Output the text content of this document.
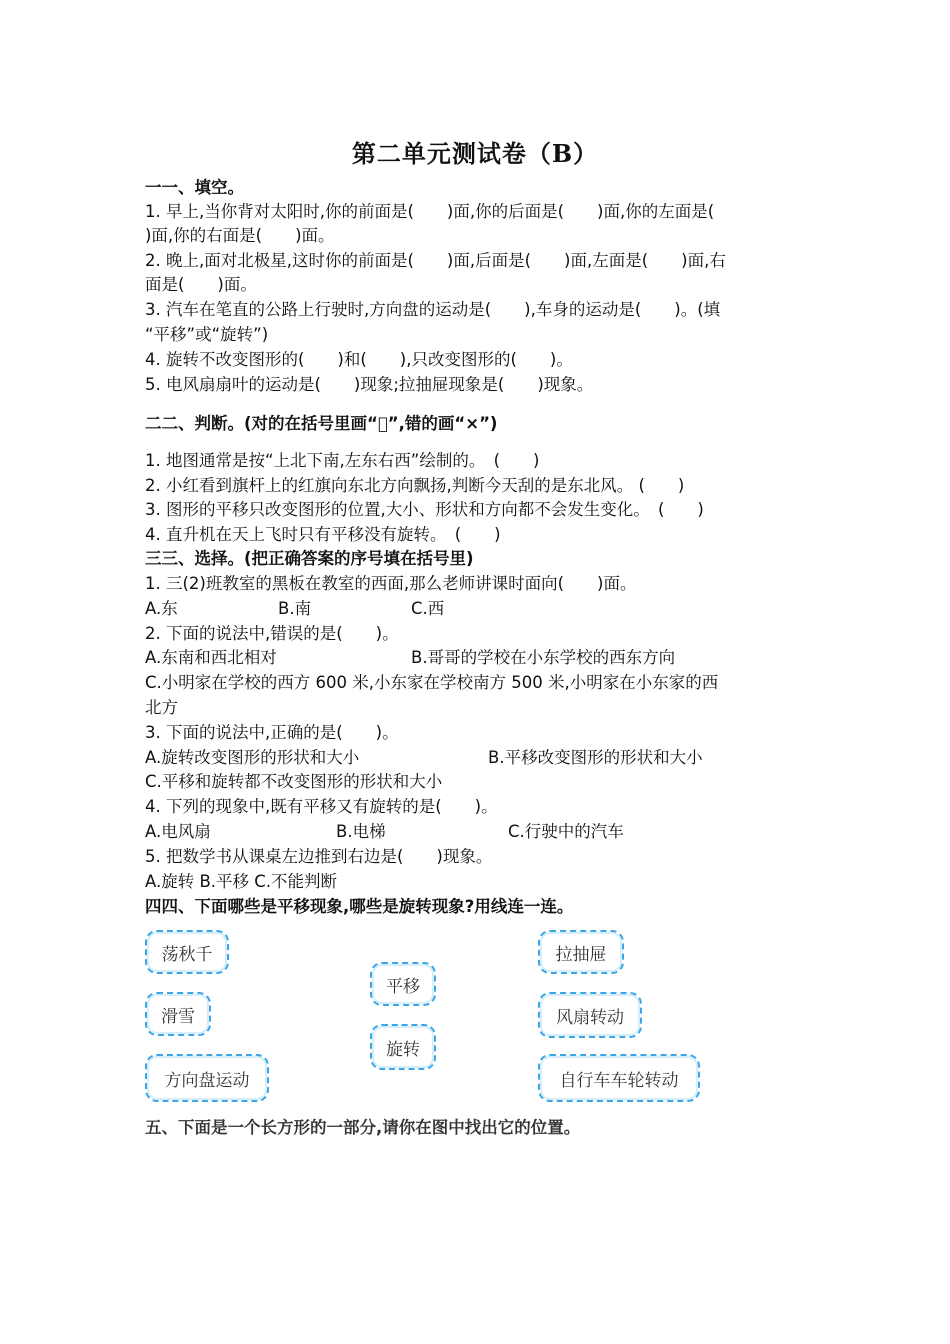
第二单元测试卷（B）
一一、填空。
1. 早上,当你背对太阳时,你的前面是(　　)面,你的后面是(　　)面,你的左面是(
)面,你的右面是(　　)面。
2. 晚上,面对北极星,这时你的前面是(　　)面,后面是(　　)面,左面是(　　)面,右
面是(　　)面。
3. 汽车在笔直的公路上行驶时,方向盘的运动是(　　),车身的运动是(　　)。(填
“平移”或“旋转”)
4. 旋转不改变图形的(　　)和(　　),只改变图形的(　　)。
5. 电风扇扇叶的运动是(　　)现象;拉抽屉现象是(　　)现象。
二二、判断。(对的在括号里画“ ”,错的画“×”)
1. 地图通常是按“上北下南,左东右西”绘制的。　(　　)
2. 小红看到旗杆上的红旗向东北方向飘扬,判断今天刮的是东北风。 (　　)
3. 图形的平移只改变图形的位置,大小、形状和方向都不会发生变化。　(　　)
4. 直升机在天上飞时只有平移没有旋转。　(　　)
三三、选择。(把正确答案的序号填在括号里)
1. 三(2)班教室的黑板在教室的西面,那么老师讲课时面向(　　)面。
A.东	B.南	C.西
2. 下面的说法中,错误的是(　　)。
A.东南和西北相对	B.哥哥的学校在小东学校的西东方向
C.小明家在学校的西方 600 米,小东家在学校南方 500 米,小明家在小东家的西
北方
3. 下面的说法中,正确的是(　　)。
A.旋转改变图形的形状和大小	B.平移改变图形的形状和大小
C.平移和旋转都不改变图形的形状和大小
4. 下列的现象中,既有平移又有旋转的是(　　)。
A.电风扇	B.电梯	C.行驶中的汽车
5. 把数学书从课桌左边推到右边是(　　)现象。
A.旋转 B.平移 C.不能判断
四四、下面哪些是平移现象,哪些是旋转现象?用线连一连。
荡秋千
滑雪
方向盘运动
平移
旋转
拉抽屉
风扇转动
自行车车轮转动
五、下面是一个长方形的一部分,请你在图中找出它的位置。
